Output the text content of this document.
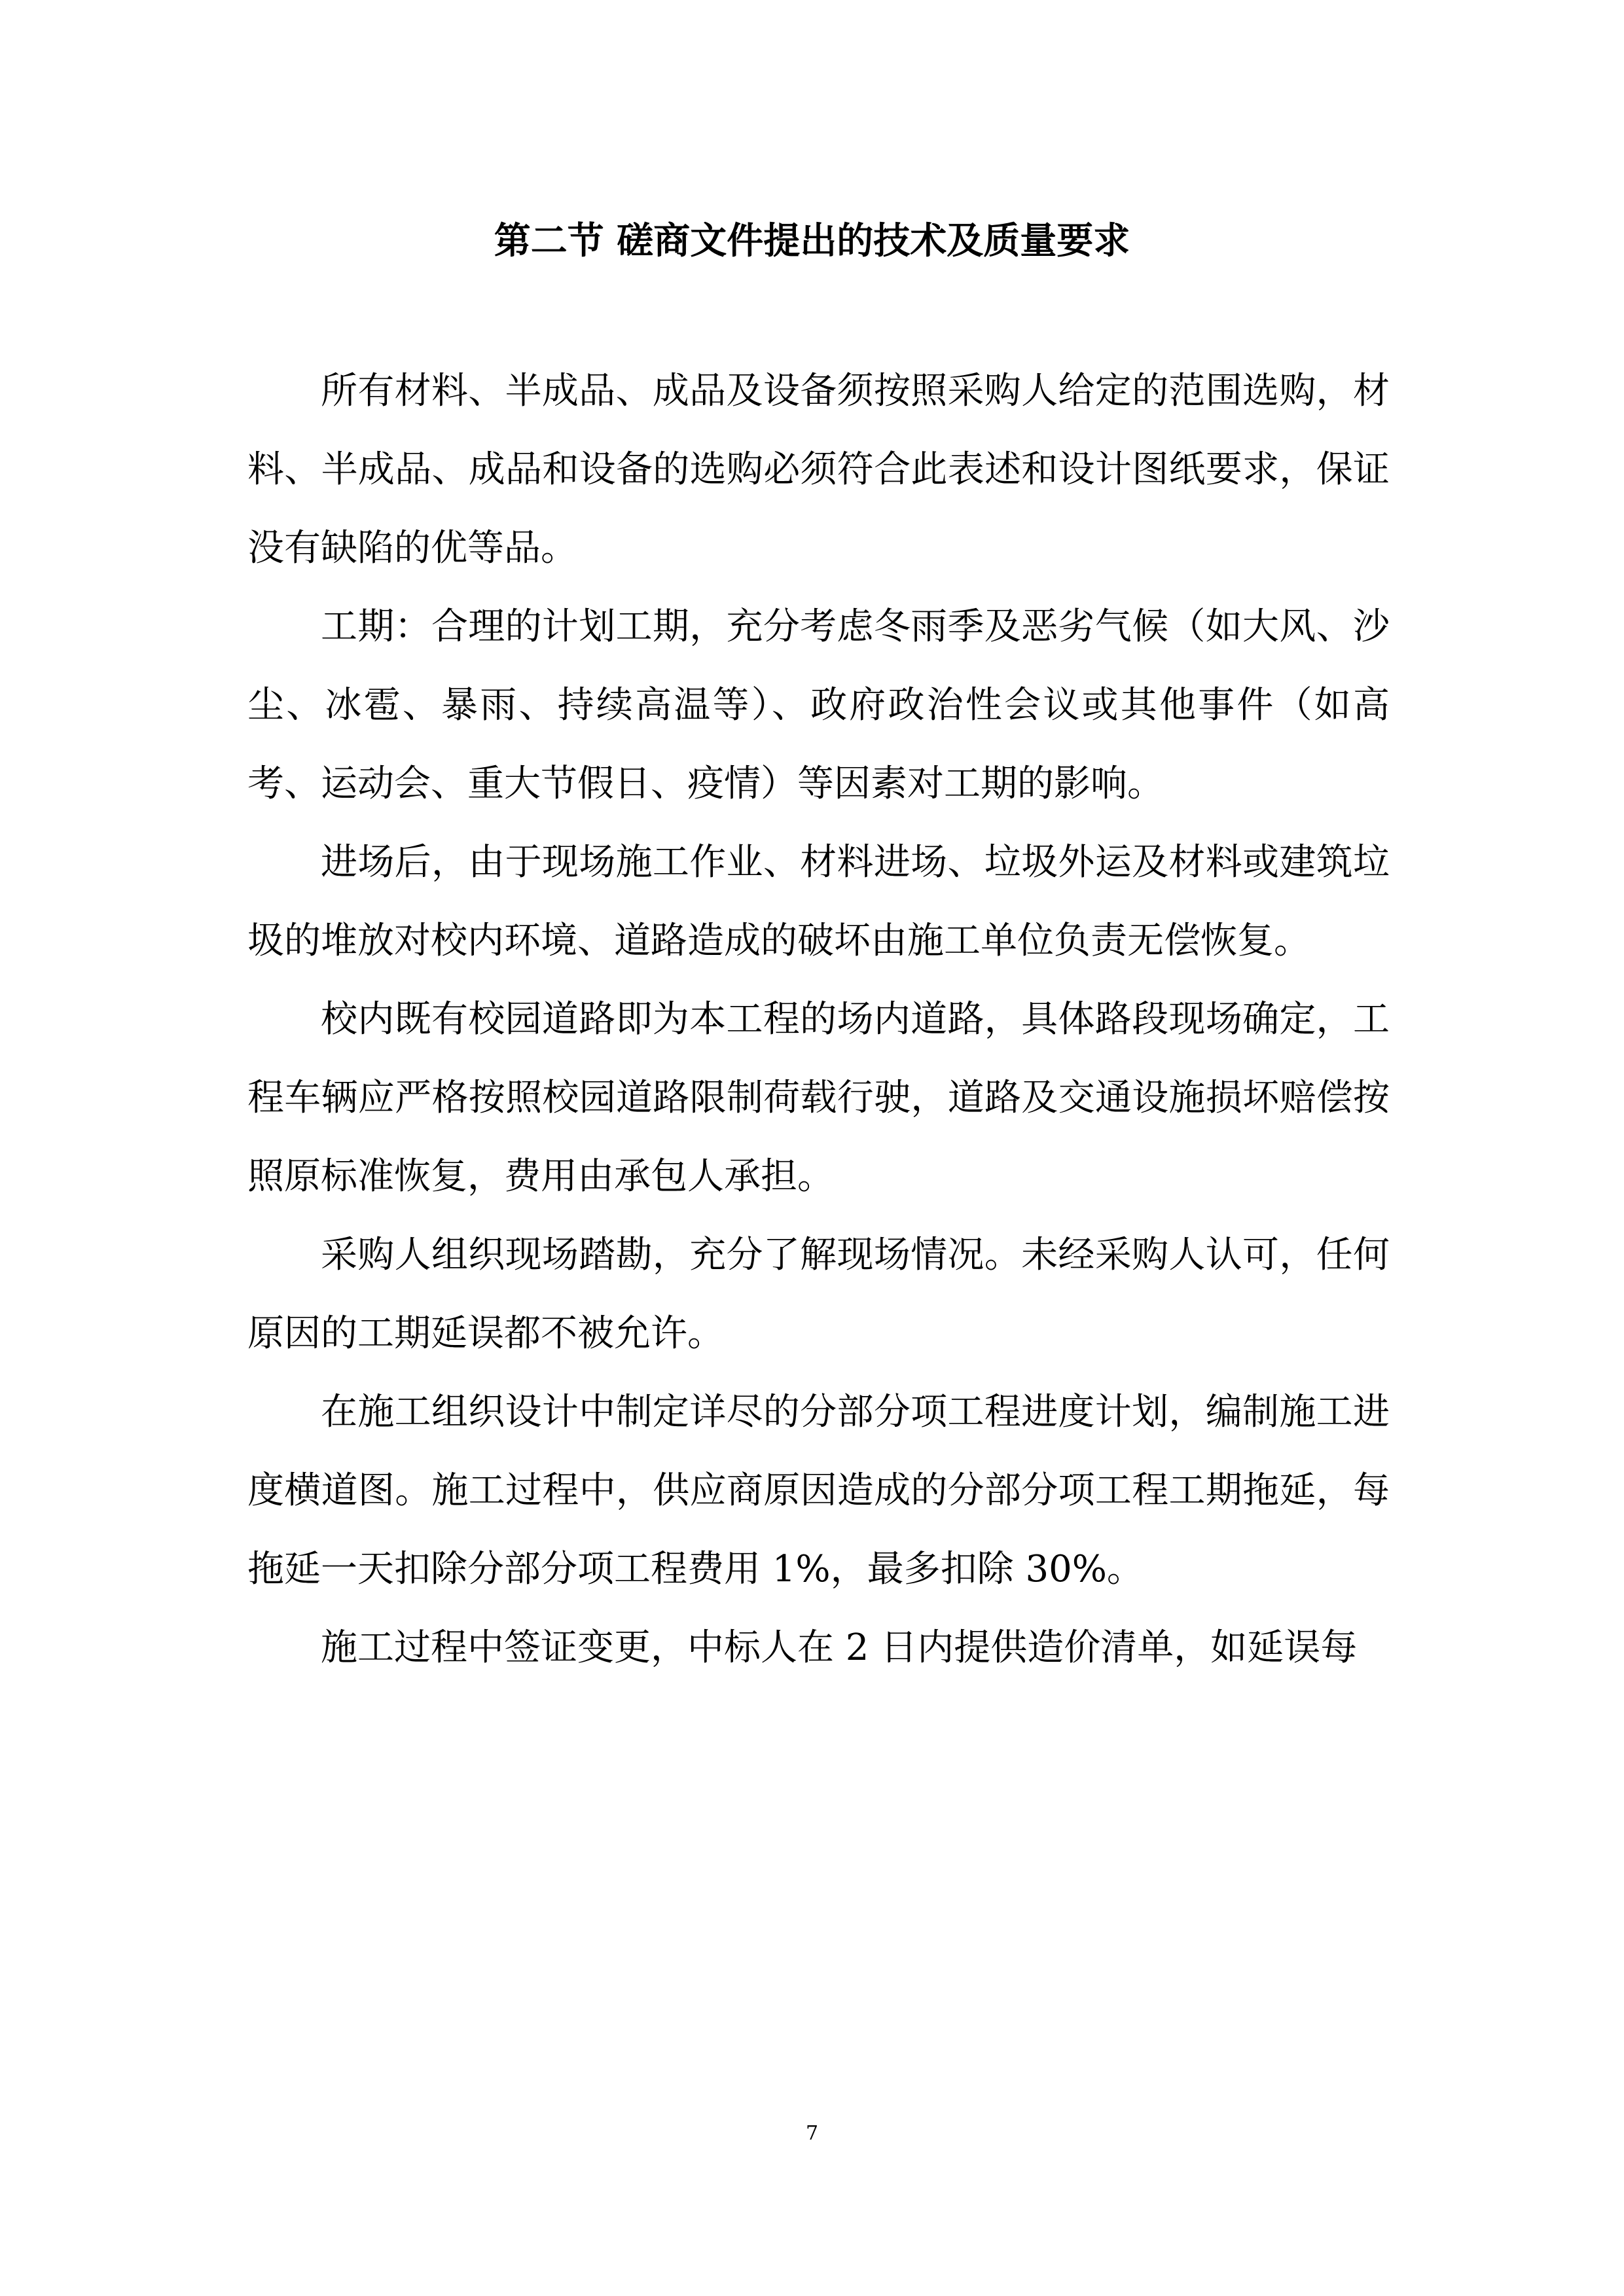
第二节 磋商文件提出的技术及质量要求

所有材料、半成品、成品及设备须按照采购人给定的范围选购，材料、半成品、成品和设备的选购必须符合此表述和设计图纸要求，保证没有缺陷的优等品。

工期：合理的计划工期，充分考虑冬雨季及恶劣气候（如大风、沙尘、冰雹、暴雨、持续高温等）、政府政治性会议或其他事件（如高考、运动会、重大节假日、疫情）等因素对工期的影响。

进场后，由于现场施工作业、材料进场、垃圾外运及材料或建筑垃圾的堆放对校内环境、道路造成的破坏由施工单位负责无偿恢复。

校内既有校园道路即为本工程的场内道路，具体路段现场确定，工程车辆应严格按照校园道路限制荷载行驶，道路及交通设施损坏赔偿按照原标准恢复，费用由承包人承担。

采购人组织现场踏勘，充分了解现场情况。未经采购人认可，任何原因的工期延误都不被允许。

在施工组织设计中制定详尽的分部分项工程进度计划，编制施工进度横道图。施工过程中，供应商原因造成的分部分项工程工期拖延，每拖延一天扣除分部分项工程费用 1%，最多扣除 30%。

施工过程中签证变更，中标人在 2 日内提供造价清单，如延误每

7
